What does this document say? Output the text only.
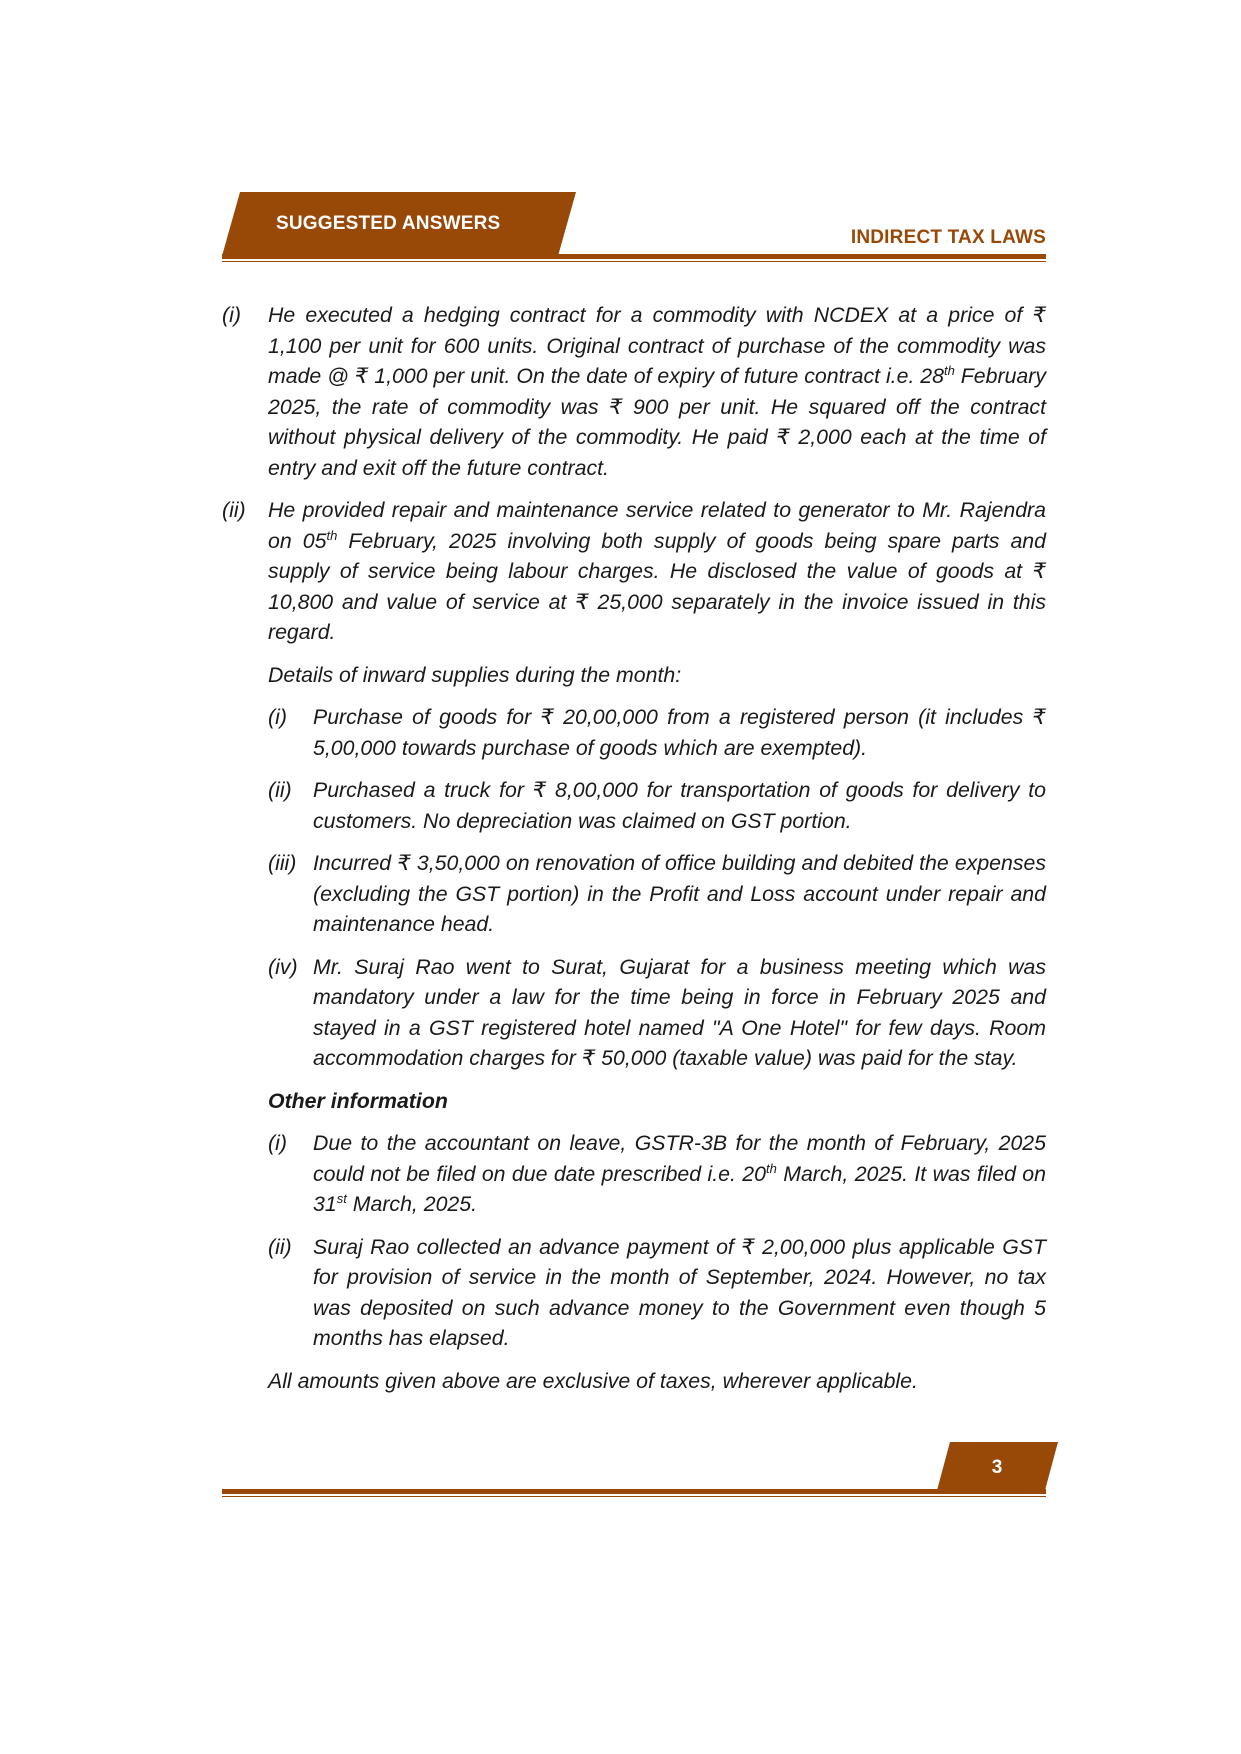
SUGGESTED ANSWERS
INDIRECT TAX LAWS
(i)	He executed a hedging contract for a commodity with NCDEX at a price of ₹ 1,100 per unit for 600 units. Original contract of purchase of the commodity was made @ ₹ 1,000 per unit. On the date of expiry of future contract i.e. 28th February 2025, the rate of commodity was ₹ 900 per unit. He squared off the contract without physical delivery of the commodity. He paid ₹ 2,000 each at the time of entry and exit off the future contract.
(ii)	He provided repair and maintenance service related to generator to Mr. Rajendra on 05th February, 2025 involving both supply of goods being spare parts and supply of service being labour charges. He disclosed the value of goods at ₹ 10,800 and value of service at ₹ 25,000 separately in the invoice issued in this regard.
Details of inward supplies during the month:
(i)	Purchase of goods for ₹ 20,00,000 from a registered person (it includes ₹ 5,00,000 towards purchase of goods which are exempted).
(ii)	Purchased a truck for ₹ 8,00,000 for transportation of goods for delivery to customers. No depreciation was claimed on GST portion.
(iii) Incurred ₹ 3,50,000 on renovation of office building and debited the expenses (excluding the GST portion) in the Profit and Loss account under repair and maintenance head.
(iv) Mr. Suraj Rao went to Surat, Gujarat for a business meeting which was mandatory under a law for the time being in force in February 2025 and stayed in a GST registered hotel named "A One Hotel" for few days. Room accommodation charges for ₹ 50,000 (taxable value) was paid for the stay.
Other information
(i)	Due to the accountant on leave, GSTR-3B for the month of February, 2025 could not be filed on due date prescribed i.e. 20th March, 2025. It was filed on 31st March, 2025.
(ii)	Suraj Rao collected an advance payment of ₹ 2,00,000 plus applicable GST for provision of service in the month of September, 2024. However, no tax was deposited on such advance money to the Government even though 5 months has elapsed.
All amounts given above are exclusive of taxes, wherever applicable.
3
